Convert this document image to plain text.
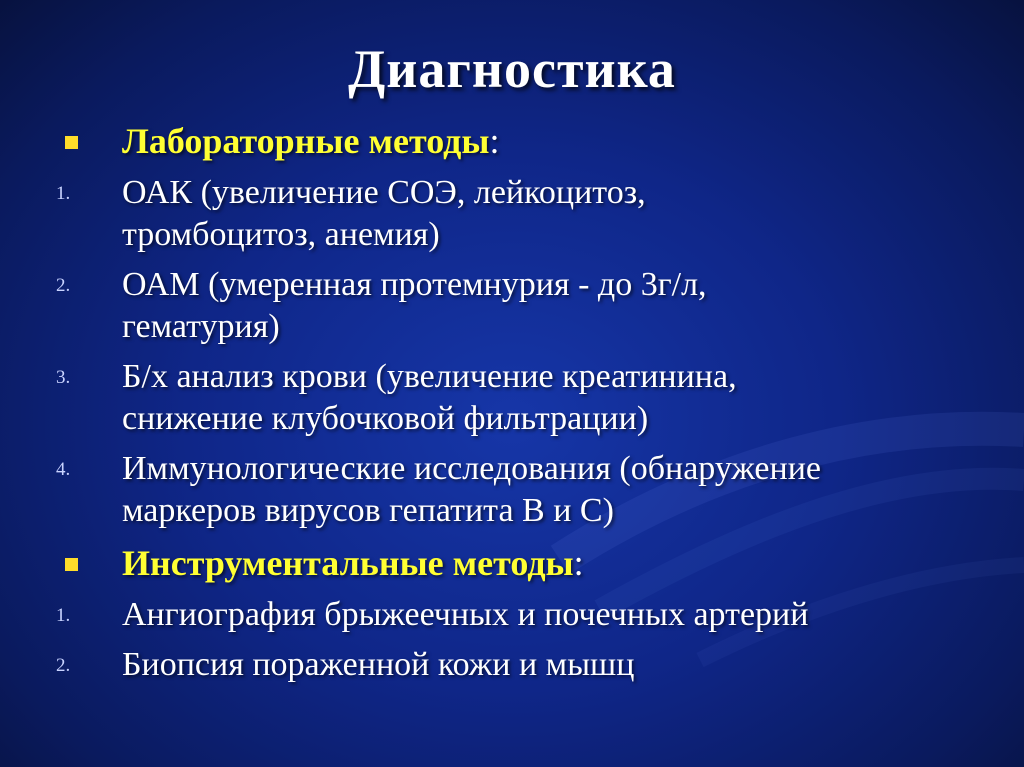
Диагностика
Лабораторные методы:
1. ОАК (увеличение СОЭ, лейкоцитоз,
тромбоцитоз, анемия)
2. ОАМ (умеренная протемнурия - до 3г/л,
гематурия)
3. Б/х анализ крови (увеличение креатинина,
снижение клубочковой фильтрации)
4. Иммунологические исследования (обнаружение
маркеров вирусов гепатита В и С)
Инструментальные методы:
1. Ангиография брыжеечных и почечных артерий
2. Биопсия пораженной кожи и мышц
